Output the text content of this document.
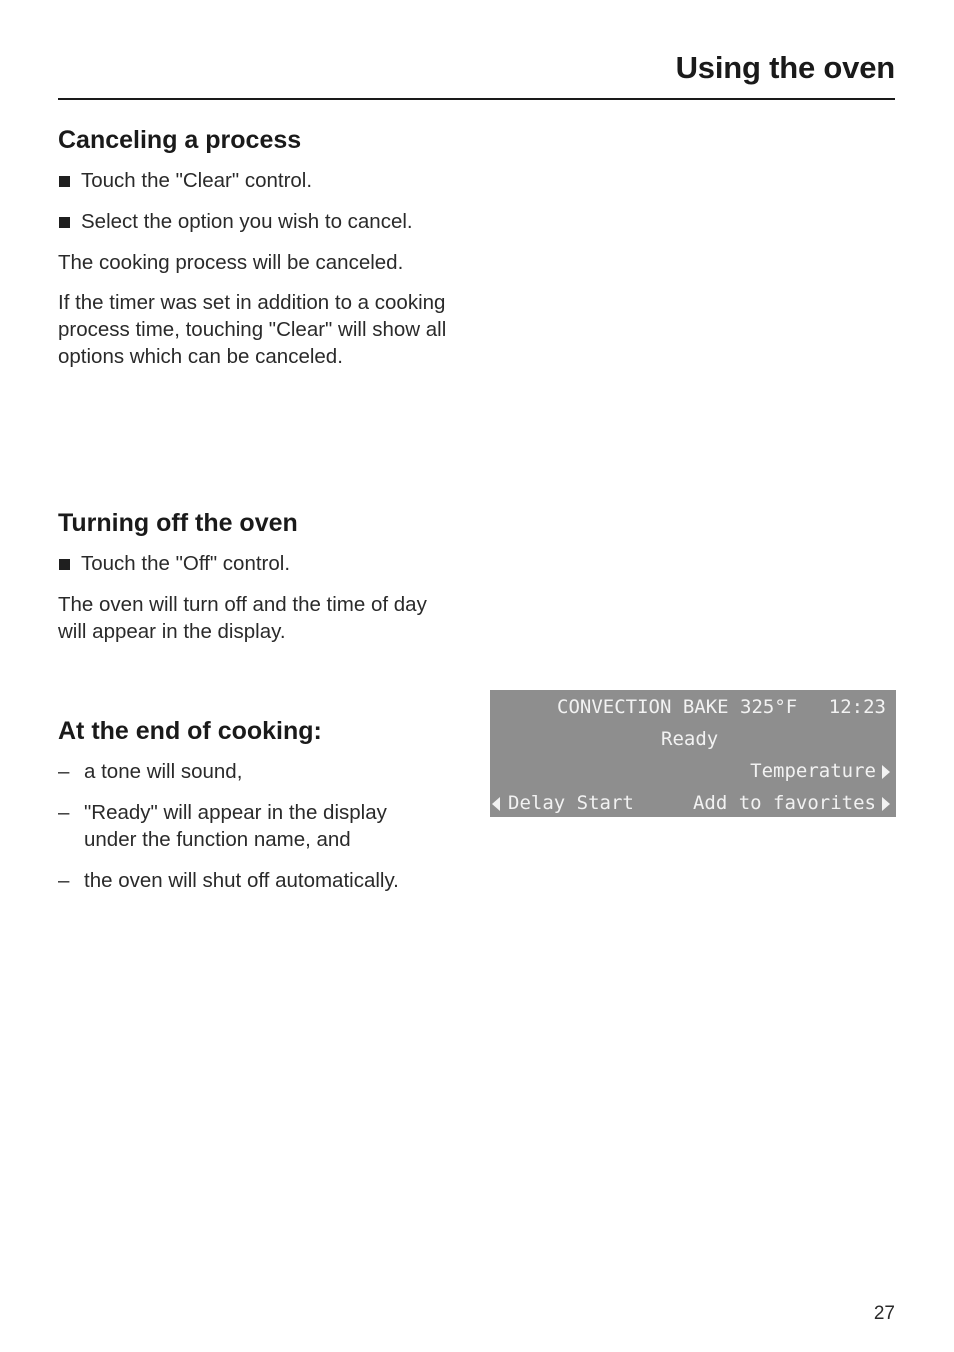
Using the oven
Canceling a process
Touch the "Clear" control.
Select the option you wish to cancel.

The cooking process will be canceled.

If the timer was set in addition to a cooking process time, touching "Clear" will show all options which can be canceled.

Turning off the oven
Touch the "Off" control.

The oven will turn off and the time of day will appear in the display.

At the end of cooking:
– a tone will sound,
– "Ready" will appear in the display under the function name, and
– the oven will shut off automatically.
CONVECTION BAKE 325°F 12:23
Ready
Temperature
Delay Start	Add to favorites
27
